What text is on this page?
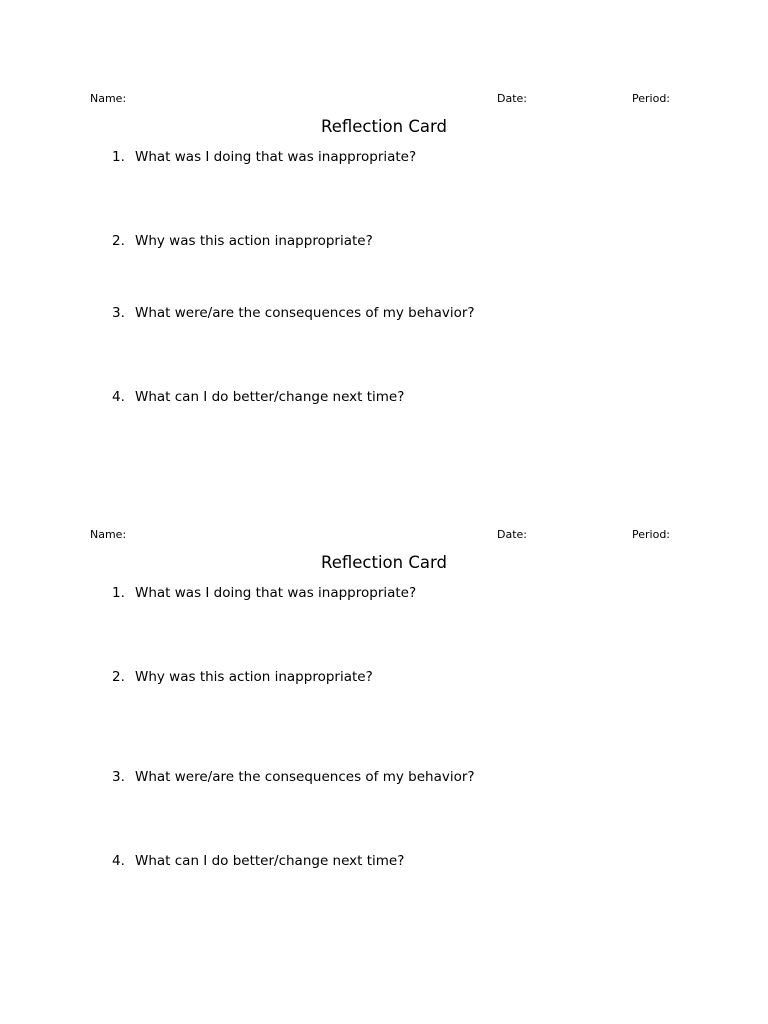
Name:	Date:	Period:
Reflection Card
1. What was I doing that was inappropriate?
2. Why was this action inappropriate?
3. What were/are the consequences of my behavior?
4. What can I do better/change next time?
Name:	Date:	Period:
Reflection Card
1. What was I doing that was inappropriate?
2. Why was this action inappropriate?
3. What were/are the consequences of my behavior?
4. What can I do better/change next time?
